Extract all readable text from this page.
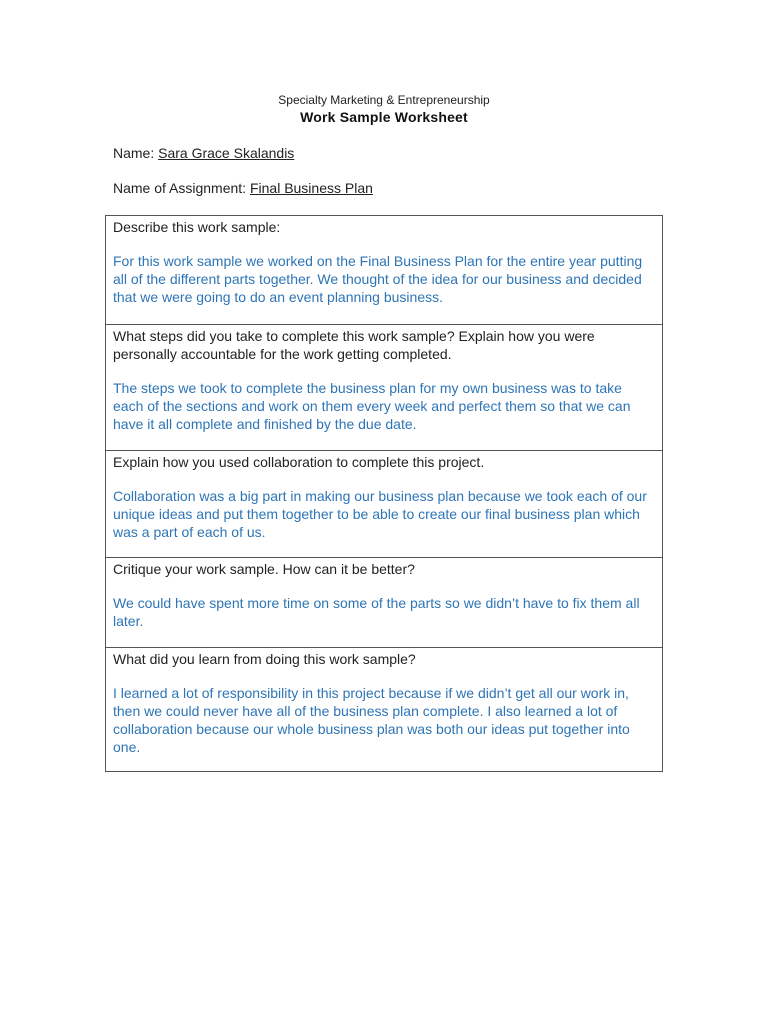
Specialty Marketing & Entrepreneurship
Work Sample Worksheet
Name: Sara Grace Skalandis
Name of Assignment: Final Business Plan
Describe this work sample:
For this work sample we worked on the Final Business Plan for the entire year putting all of the different parts together. We thought of the idea for our business and decided that we were going to do an event planning business.
What steps did you take to complete this work sample? Explain how you were personally accountable for the work getting completed.
The steps we took to complete the business plan for my own business was to take each of the sections and work on them every week and perfect them so that we can have it all complete and finished by the due date.
Explain how you used collaboration to complete this project.
Collaboration was a big part in making our business plan because we took each of our unique ideas and put them together to be able to create our final business plan which was a part of each of us.
Critique your work sample. How can it be better?
We could have spent more time on some of the parts so we didn’t have to fix them all later.
What did you learn from doing this work sample?
I learned a lot of responsibility in this project because if we didn’t get all our work in, then we could never have all of the business plan complete. I also learned a lot of collaboration because our whole business plan was both our ideas put together into one.
